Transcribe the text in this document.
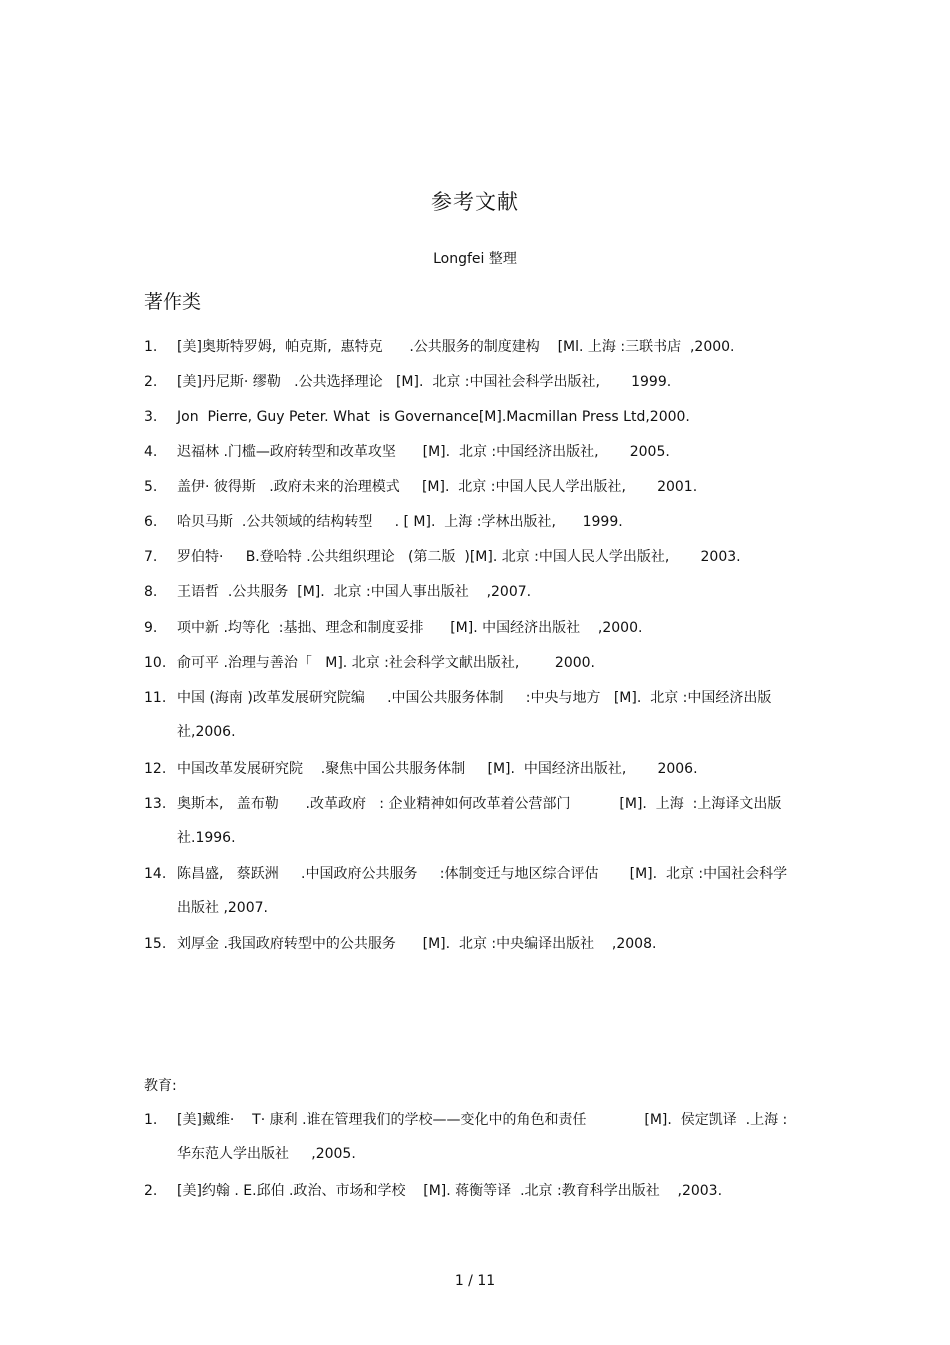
参考文献
Longfei 整理
著作类
1. [美]奥斯特罗姆,  帕克斯,  惠特克      .公共服务的制度建构    [Ml. 上海 :三联书店  ,2000.
2. [美]丹尼斯· 缪勒   .公共选择理论   [M].  北京 :中国社会科学出版社,       1999.
3. Jon  Pierre, Guy Peter. What  is Governance[M].Macmillan Press Ltd,2000.
4. 迟福林 .门槛—政府转型和改革攻坚      [M].  北京 :中国经济出版社,       2005.
5. 盖伊· 彼得斯   .政府未来的治理模式     [M].  北京 :中国人民人学出版社,       2001.
6. 哈贝马斯  .公共领域的结构转型     . [ M].  上海 :学林出版社,      1999.
7. 罗伯特·     B.登哈特 .公共组织理论   (第二版  )[M]. 北京 :中国人民人学出版社,       2003.
8. 王语哲  .公共服务  [M].  北京 :中国人事出版社    ,2007.
9. 项中新 .均等化  :基拙、理念和制度妥排      [M]. 中国经济出版社    ,2000.
10. 俞可平 .治理与善治「   M]. 北京 :社会科学文献出版社,        2000.
11. 中国 (海南 )改革发展研究院编     .中国公共服务体制     :中央与地方   [M].  北京 :中国经济出版
社,2006.
12. 中国改革发展研究院    .聚焦中国公共服务体制     [M].  中国经济出版社,       2006.
13. 奥斯本,   盖布勒      .改革政府   : 企业精神如何改革着公营部门           [M].  上海  :上海译文出版
社.1996.
14. 陈昌盛,   蔡跃洲     .中国政府公共服务     :体制变迁与地区综合评估       [M].  北京 :中国社会科学
出版社 ,2007.
15. 刘厚金 .我国政府转型中的公共服务      [M].  北京 :中央编译出版社    ,2008.
教育:
1. [美]戴维·    T· 康利 .谁在管理我们的学校——变化中的角色和责任             [M].  侯定凯译  .上海 :
华东范人学出版社     ,2005.
2. [美]约翰 . E.邱伯 .政治、市场和学校    [M]. 蒋衡等译  .北京 :教育科学出版社    ,2003.
1 / 11
